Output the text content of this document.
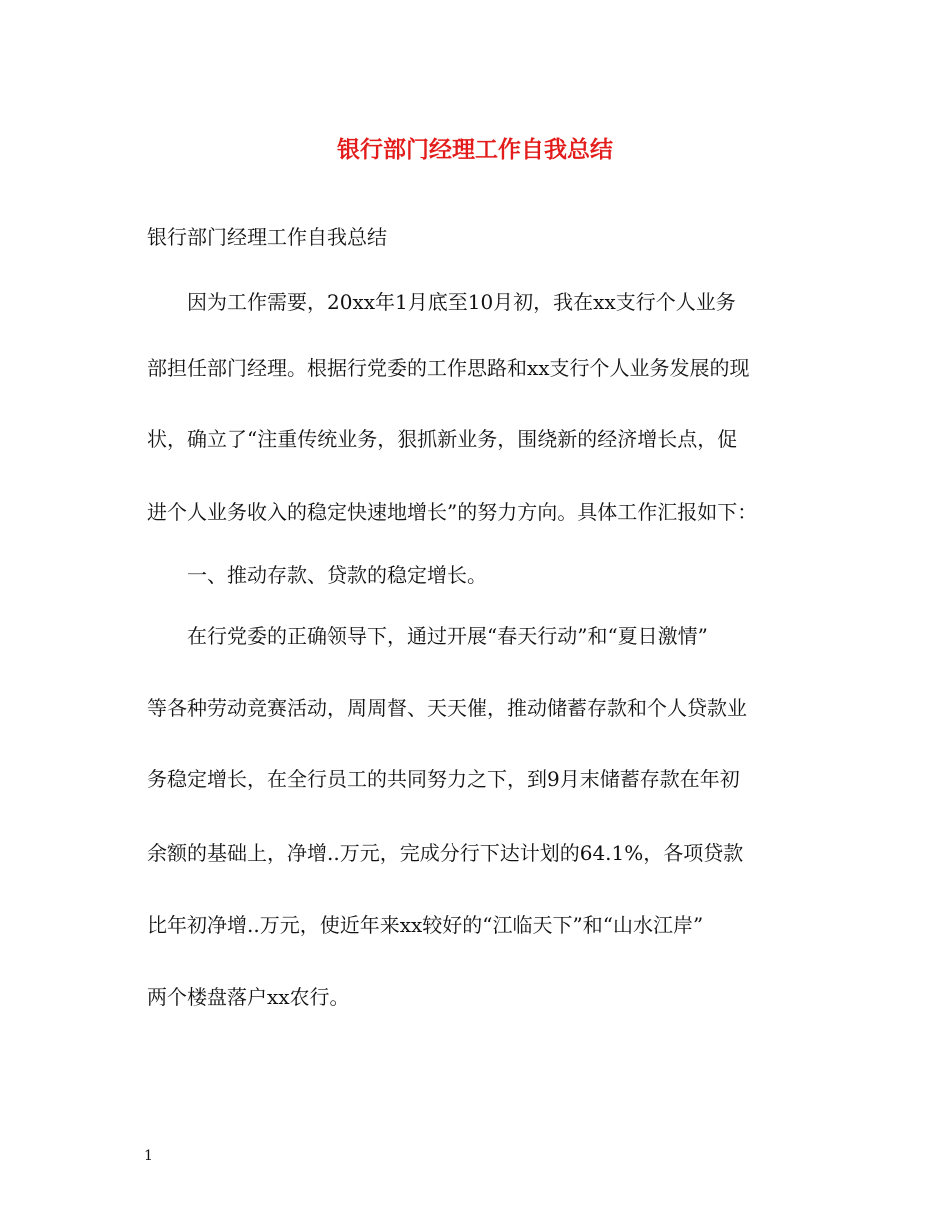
银行部门经理工作自我总结
银行部门经理工作自我总结
因为工作需要，20xx年1月底至10月初，我在xx支行个人业务
部担任部门经理。根据行党委的工作思路和xx支行个人业务发展的现
状，确立了“注重传统业务，狠抓新业务，围绕新的经济增长点，促
进个人业务收入的稳定快速地增长”的努力方向。具体工作汇报如下：
一、推动存款、贷款的稳定增长。
在行党委的正确领导下，通过开展“春天行动”和“夏日激情”
等各种劳动竞赛活动，周周督、天天催，推动储蓄存款和个人贷款业
务稳定增长，在全行员工的共同努力之下，到9月末储蓄存款在年初
余额的基础上，净增..万元，完成分行下达计划的64.1%，各项贷款
比年初净增..万元，使近年来xx较好的“江临天下”和“山水江岸”
两个楼盘落户xx农行。
1
